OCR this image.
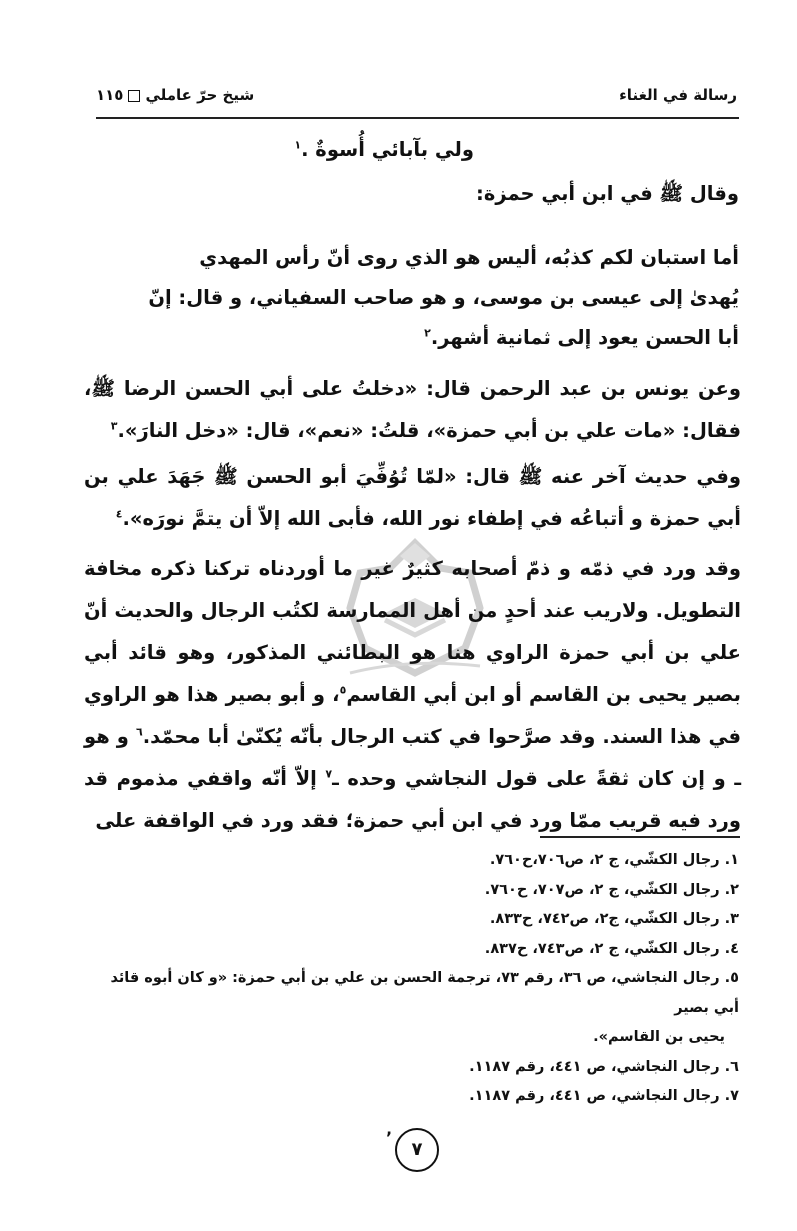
رسالة في الغناء
شيخ حرّ عاملي١١٥
ولي بآبائي أُسوةٌ .$^١$
وقال ﷺ في ابن أبي حمزة:
أما استبان لكم كذبُه، أليس هو الذي روى أنّ رأس المهدي
يُهدىٰ إلى عيسى بن موسى، و هو صاحب السفياني، و قال: إنّ
أبا الحسن يعود إلى ثمانية أشهر.$^٢$
وعن يونس بن عبد الرحمن قال: «دخلتُ على أبي الحسن الرضا ﷺ، فقال: «مات علي بن أبي حمزة»، قلتُ: «نعم»، قال: «دخل النارَ».$^٣$
وفي حديث آخر عنه ﷺ قال: «لمّا تُوُفِّيَ أبو الحسن ﷺ جَهَدَ علي بن أبي حمزة و أتباعُه في إطفاء نور الله، فأبى الله إلاّ أن يتمَّ نورَه».$^٤$
وقد ورد في ذمّه و ذمّ أصحابه كثيرٌ غير ما أوردناه تركنا ذكره مخافة التطويل. ولاريب عند أحدٍ من أهل الممارسة لكتُب الرجال والحديث أنّ علي بن أبي حمزة الراوي هنا هو البطائني المذكور، وهو قائد أبي بصير يحيى بن القاسم أو ابن أبي القاسم$^٥$، و أبو بصير هذا هو الراوي في هذا السند. وقد صرَّحوا في كتب الرجال بأنّه يُكنّىٰ أبا محمّد.$^٦$ و هو ـ و إن كان ثقةً على قول النجاشي وحده ـ$^٧$ إلاّ أنّه واقفي مذموم قد ورد فيه قريب ممّا ورد في ابن أبي حمزة؛ فقد ورد في الواقفة على
١. رجال الكشّي، ج ٢، ص٧٠٦،ح٧٦٠.
٢. رجال الكشّي، ج ٢، ص٧٠٧، ح٧٦٠.
٣. رجال الكشّي، ج٢، ص٧٤٢، ح٨٣٣.
٤. رجال الكشّي، ج ٢، ص٧٤٣، ح٨٣٧.
٥. رجال النجاشي، ص ٣٦، رقم ٧٣، ترجمة الحسن بن علي بن أبي حمزة: «و كان أبوه قائد أبي بصير
يحيى بن القاسم».
٦. رجال النجاشي، ص ٤٤١، رقم ١١٨٧.
٧. رجال النجاشي، ص ٤٤١، رقم ١١٨٧.
ʼ
٧
